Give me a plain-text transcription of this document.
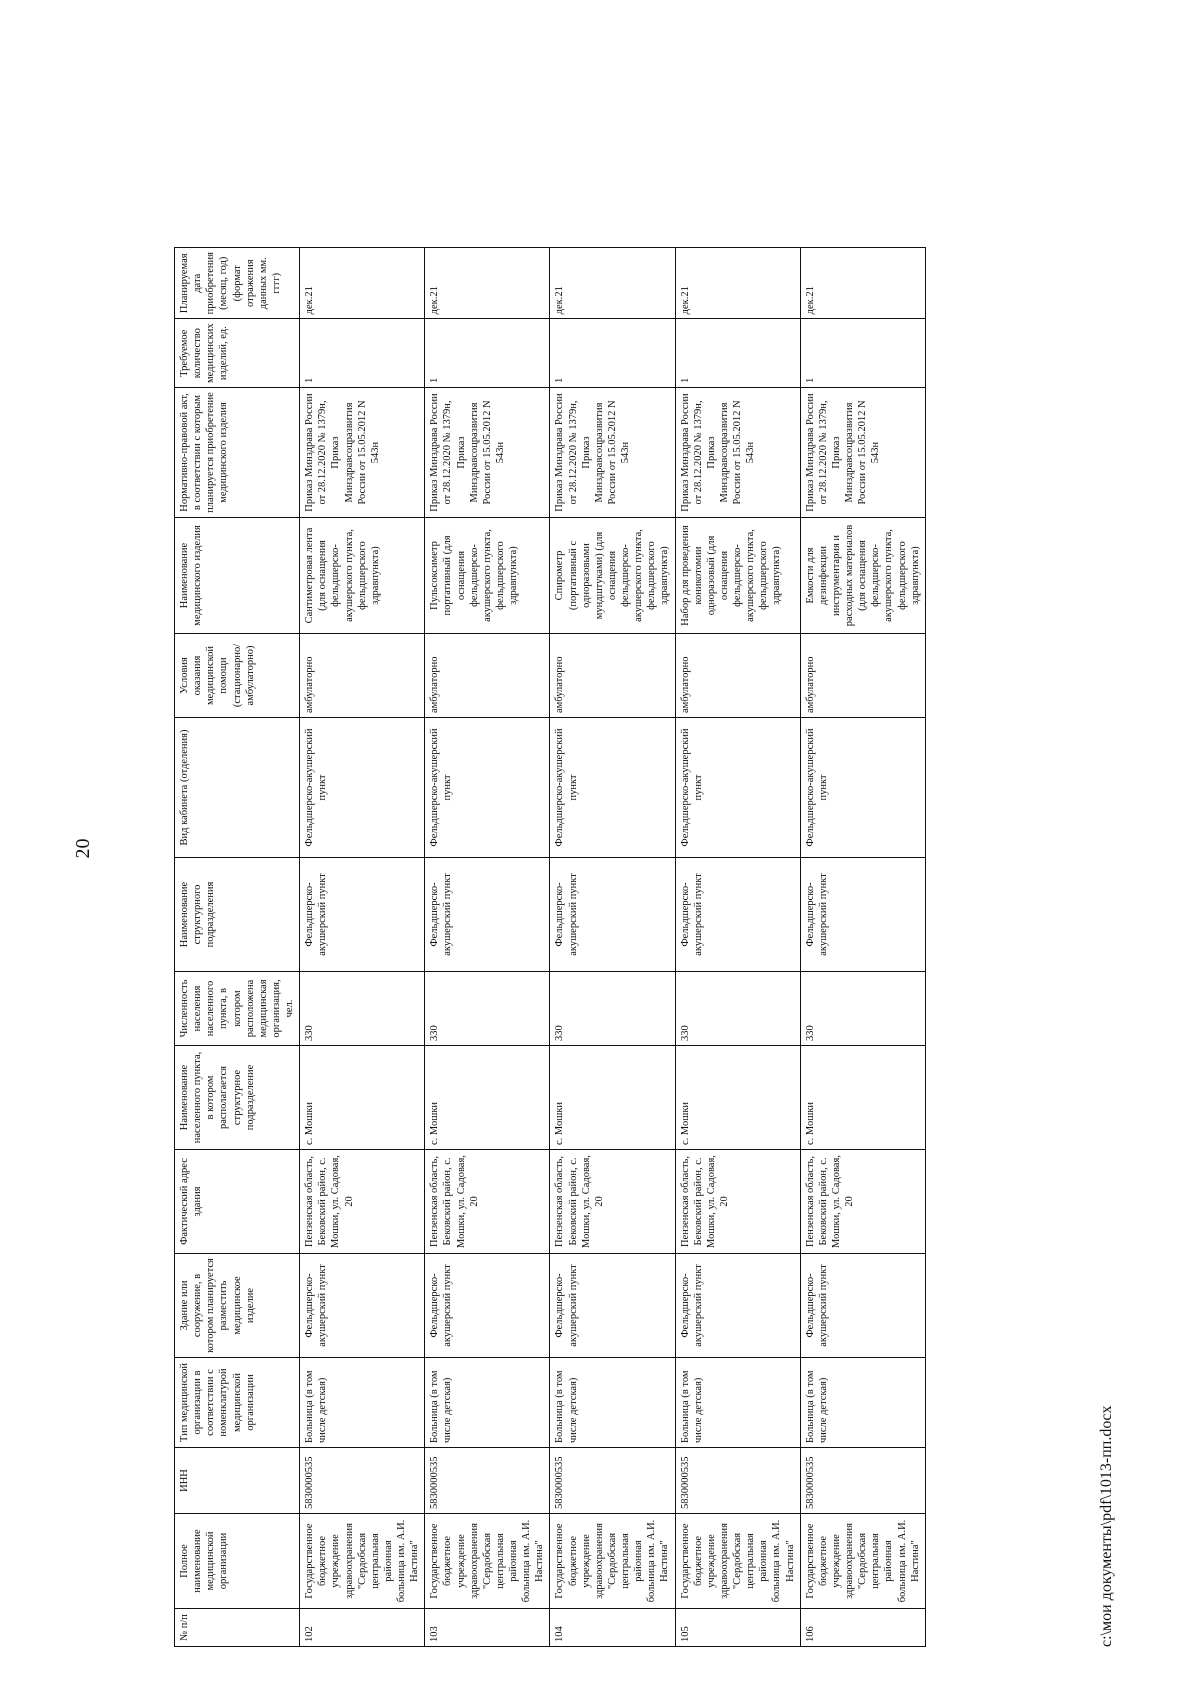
20
№ п/п	Полное наименование медицинской организации	ИНН	Тип медицинской организации в соответствии с номенклатурой медицинской организации	Здание или сооружение, в котором планируется разместить медицинское изделие	Фактический адрес здания	Наименование населенного пункта, в котором располагается структурное подразделение	Численность населения населенного пункта, в котором расположена медицинская организация, чел.	Наименование структурного подразделения	Вид кабинета (отделения)	Условия оказания медицинской помощи (стационарно/ амбулаторно)	Наименование медицинского изделия	Нормативно-правовой акт, в соответствии с которым планируется приобретение медицинского изделия	Требуемое количество медицинских изделий, ед.	Планируемая дата приобретения (месяц, год) (формат отражения данных мм. гггг)
102	Государственное бюджетное учреждение здравоохранения "Сердобская центральная районная больница им. А.И. Настина"	5830000535	Больница (в том числе детская)	Фельдшерско-акушерский пункт	Пензенская область, Бековский район, с. Мошки, ул. Садовая, 20	с. Мошки	330	Фельдшерско-акушерский пункт	Фельдшерско-акушерский пункт	амбулаторно	Сантиметровая лента (для оснащения фельдшерско-акушерского пункта, фельдшерского здравпункта)	Приказ Минздрава России от 28.12.2020 № 1379н, Приказ Минздравсоцразвития России от 15.05.2012 N 543н	1	дек.21
103	Государственное бюджетное учреждение здравоохранения "Сердобская центральная районная больница им. А.И. Настина"	5830000535	Больница (в том числе детская)	Фельдшерско-акушерский пункт	Пензенская область, Бековский район, с. Мошки, ул. Садовая, 20	с. Мошки	330	Фельдшерско-акушерский пункт	Фельдшерско-акушерский пункт	амбулаторно	Пульсоксиметр портативный (для оснащения фельдшерско-акушерского пункта, фельдшерского здравпункта)	Приказ Минздрава России от 28.12.2020 № 1379н, Приказ Минздравсоцразвития России от 15.05.2012 N 543н	1	дек.21
104	Государственное бюджетное учреждение здравоохранения "Сердобская центральная районная больница им. А.И. Настина"	5830000535	Больница (в том числе детская)	Фельдшерско-акушерский пункт	Пензенская область, Бековский район, с. Мошки, ул. Садовая, 20	с. Мошки	330	Фельдшерско-акушерский пункт	Фельдшерско-акушерский пункт	амбулаторно	Спирометр (портативный с одноразовыми мундштуками) (для оснащения фельдшерско-акушерского пункта, фельдшерского здравпункта)	Приказ Минздрава России от 28.12.2020 № 1379н, Приказ Минздравсоцразвития России от 15.05.2012 N 543н	1	дек.21
105	Государственное бюджетное учреждение здравоохранения "Сердобская центральная районная больница им. А.И. Настина"	5830000535	Больница (в том числе детская)	Фельдшерско-акушерский пункт	Пензенская область, Бековский район, с. Мошки, ул. Садовая, 20	с. Мошки	330	Фельдшерско-акушерский пункт	Фельдшерско-акушерский пункт	амбулаторно	Набор для проведения коникотомии одноразовый (для оснащения фельдшерско-акушерского пункта, фельдшерского здравпункта)	Приказ Минздрава России от 28.12.2020 № 1379н, Приказ Минздравсоцразвития России от 15.05.2012 N 543н	1	дек.21
106	Государственное бюджетное учреждение здравоохранения "Сердобская центральная районная больница им. А.И. Настина"	5830000535	Больница (в том числе детская)	Фельдшерско-акушерский пункт	Пензенская область, Бековский район, с. Мошки, ул. Садовая, 20	с. Мошки	330	Фельдшерско-акушерский пункт	Фельдшерско-акушерский пункт	амбулаторно	Емкости для дезинфекции инструментария и расходных материалов (для оснащения фельдшерско-акушерского пункта, фельдшерского здравпункта)	Приказ Минздрава России от 28.12.2020 № 1379н, Приказ Минздравсоцразвития России от 15.05.2012 N 543н	1	дек.21
c:\мои документы\pdf\1013-пп.docx
